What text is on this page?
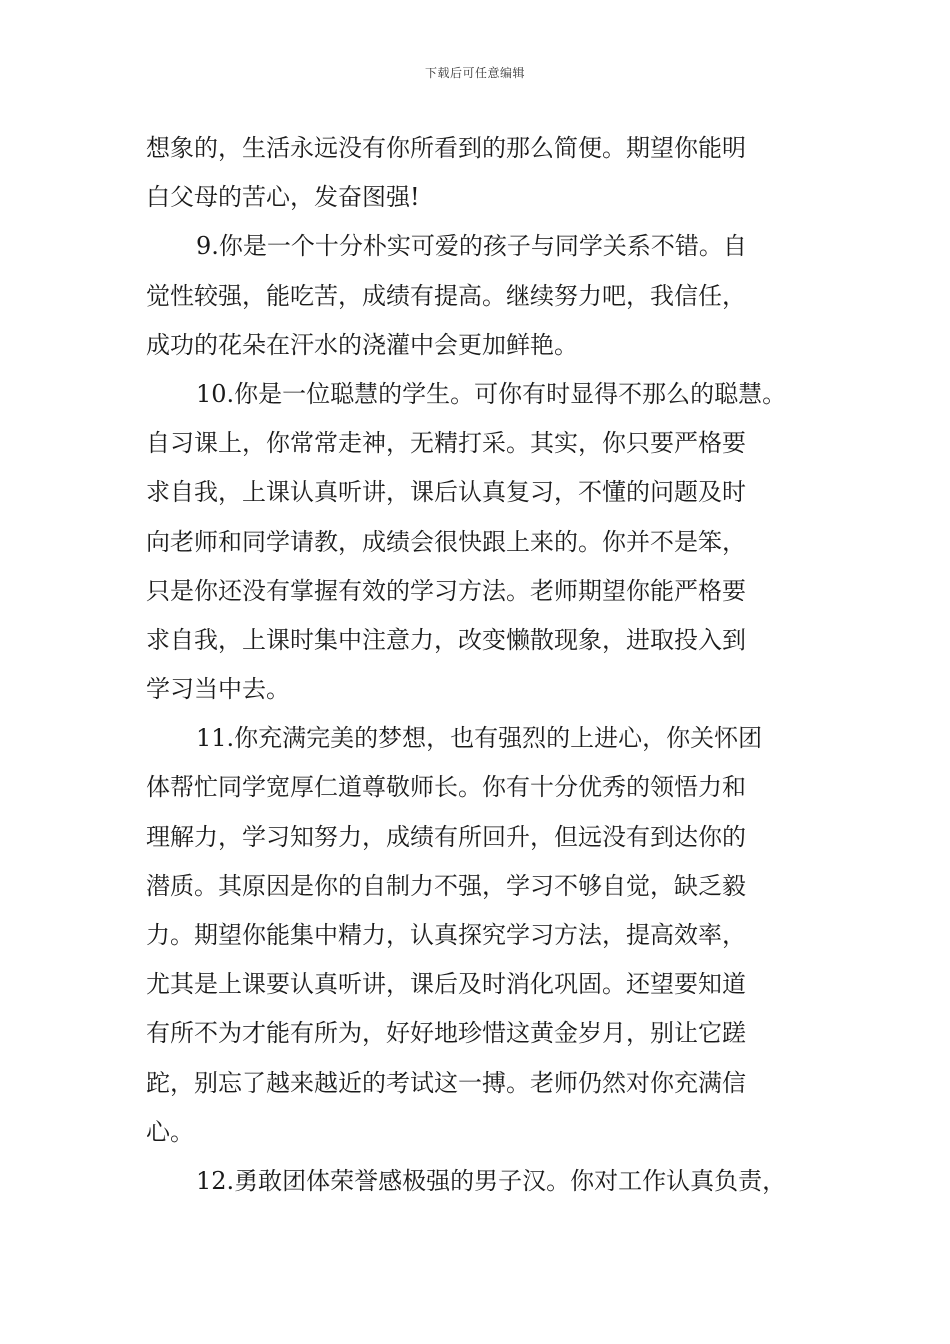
下载后可任意编辑
想象的，生活永远没有你所看到的那么简便。期望你能明
白父母的苦心，发奋图强!
9.你是一个十分朴实可爱的孩子与同学关系不错。自
觉性较强，能吃苦，成绩有提高。继续努力吧，我信任，
成功的花朵在汗水的浇灌中会更加鲜艳。
10.你是一位聪慧的学生。可你有时显得不那么的聪慧。
自习课上，你常常走神，无精打采。其实，你只要严格要
求自我，上课认真听讲，课后认真复习，不懂的问题及时
向老师和同学请教，成绩会很快跟上来的。你并不是笨，
只是你还没有掌握有效的学习方法。老师期望你能严格要
求自我，上课时集中注意力，改变懒散现象，进取投入到
学习当中去。
11.你充满完美的梦想，也有强烈的上进心，你关怀团
体帮忙同学宽厚仁道尊敬师长。你有十分优秀的领悟力和
理解力，学习知努力，成绩有所回升，但远没有到达你的
潜质。其原因是你的自制力不强，学习不够自觉，缺乏毅
力。期望你能集中精力，认真探究学习方法，提高效率，
尤其是上课要认真听讲，课后及时消化巩固。还望要知道
有所不为才能有所为，好好地珍惜这黄金岁月，别让它蹉
跎，别忘了越来越近的考试这一搏。老师仍然对你充满信
心。
12.勇敢团体荣誉感极强的男子汉。你对工作认真负责，
